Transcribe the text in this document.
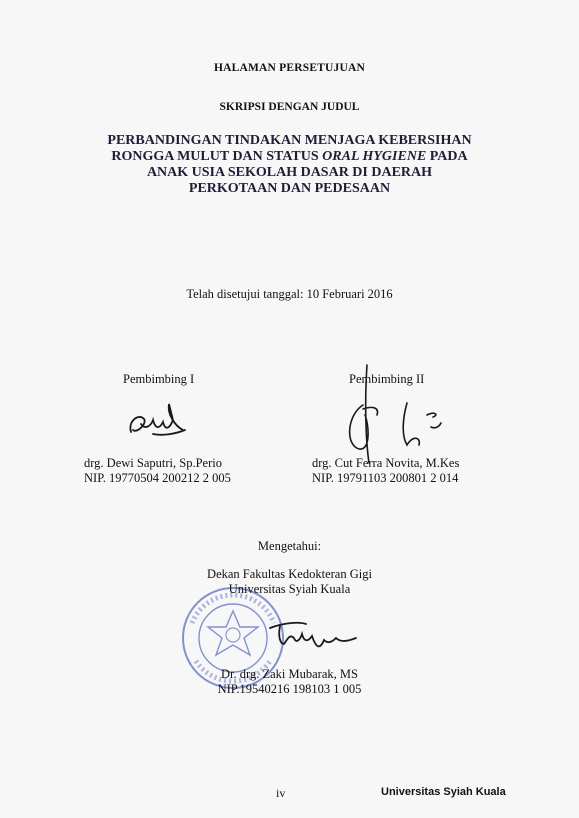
HALAMAN PERSETUJUAN
SKRIPSI DENGAN JUDUL
PERBANDINGAN TINDAKAN MENJAGA KEBERSIHAN
RONGGA MULUT DAN STATUS ORAL HYGIENE PADA
ANAK USIA SEKOLAH DASAR DI DAERAH
PERKOTAAN DAN PEDESAAN
Telah disetujui tanggal: 10 Februari 2016
Pembimbing I
drg. Dewi Saputri, Sp.Perio
NIP. 19770504 200212 2 005
Pembimbing II
drg. Cut Ferra Novita, M.Kes
NIP. 19791103 200801 2 014
Mengetahui:
Dekan Fakultas Kedokteran Gigi
Universitas Syiah Kuala
Dr. drg. Zaki Mubarak, MS
NIP.19540216 198103 1 005
iv	Universitas Syiah Kuala
